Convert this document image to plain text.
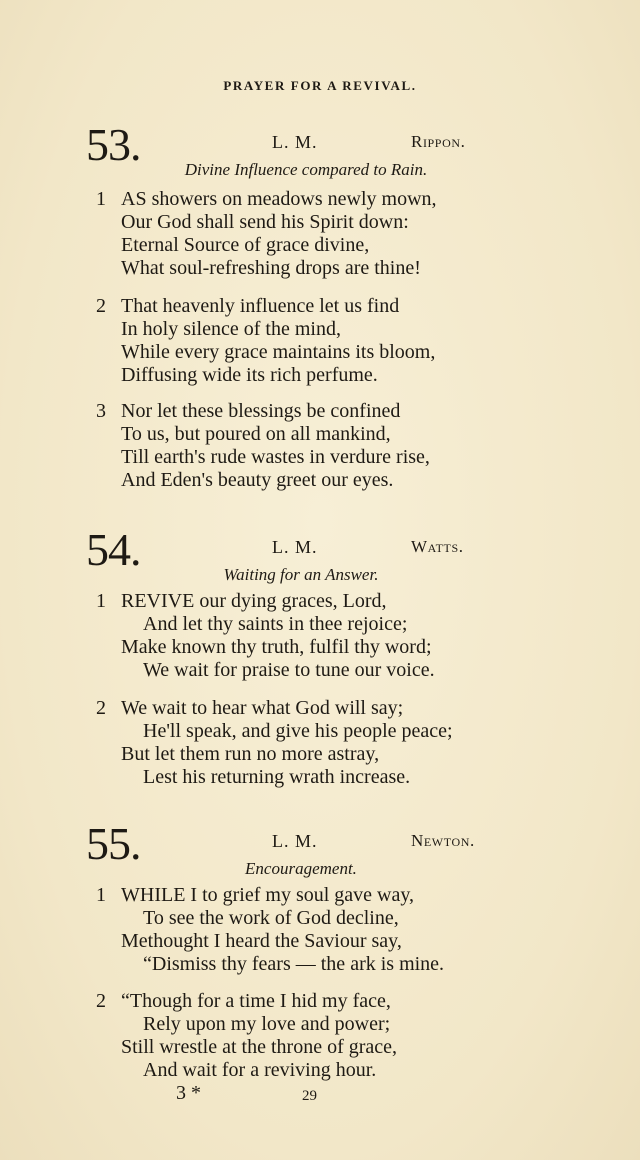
PRAYER FOR A REVIVAL.
53.	L. M.	Rippon.
Divine Influence compared to Rain.
1 AS showers on meadows newly mown,
Our God shall send his Spirit down:
Eternal Source of grace divine,
What soul-refreshing drops are thine!
2 That heavenly influence let us find
In holy silence of the mind,
While every grace maintains its bloom,
Diffusing wide its rich perfume.
3 Nor let these blessings be confined
To us, but poured on all mankind,
Till earth's rude wastes in verdure rise,
And Eden's beauty greet our eyes.
54.	L. M.	Watts.
Waiting for an Answer.
1 REVIVE our dying graces, Lord,
And let thy saints in thee rejoice;
Make known thy truth, fulfil thy word;
We wait for praise to tune our voice.
2 We wait to hear what God will say;
He'll speak, and give his people peace;
But let them run no more astray,
Lest his returning wrath increase.
55.	L. M.	Newton.
Encouragement.
1 WHILE I to grief my soul gave way,
To see the work of God decline,
Methought I heard the Saviour say,
“Dismiss thy fears — the ark is mine.
2 “Though for a time I hid my face,
Rely upon my love and power;
Still wrestle at the throne of grace,
And wait for a reviving hour.
3 *	29
